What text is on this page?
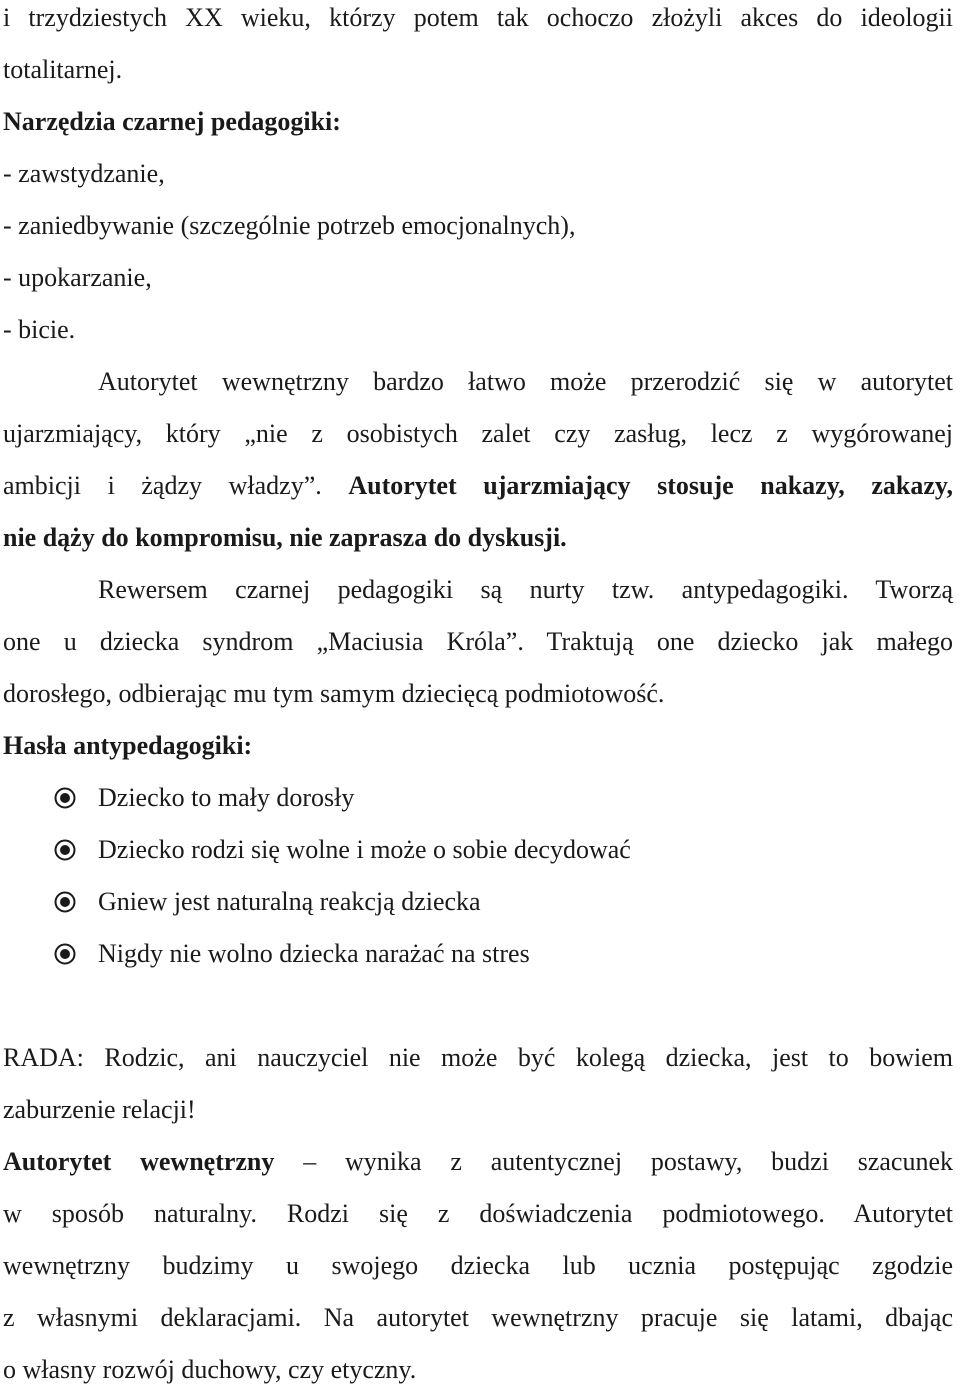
i trzydziestych XX wieku, którzy potem tak ochoczo złożyli akces do ideologii
totalitarnej.
Narzędzia czarnej pedagogiki:
- zawstydzanie,
- zaniedbywanie (szczególnie potrzeb emocjonalnych),
- upokarzanie,
- bicie.
Autorytet wewnętrzny bardzo łatwo może przerodzić się w autorytet
ujarzmiający, który „nie z osobistych zalet czy zasług, lecz z wygórowanej
ambicji i żądzy władzy”. Autorytet ujarzmiający stosuje nakazy, zakazy,
nie dąży do kompromisu, nie zaprasza do dyskusji.
Rewersem czarnej pedagogiki są nurty tzw. antypedagogiki. Tworzą
one u dziecka syndrom „Maciusia Króla”. Traktują one dziecko jak małego
dorosłego, odbierając mu tym samym dziecięcą podmiotowość.
Hasła antypedagogiki:
Dziecko to mały dorosły
Dziecko rodzi się wolne i może o sobie decydować
Gniew jest naturalną reakcją dziecka
Nigdy nie wolno dziecka narażać na stres
RADA: Rodzic, ani nauczyciel nie może być kolegą dziecka, jest to bowiem
zaburzenie relacji!
Autorytet wewnętrzny – wynika z autentycznej postawy, budzi szacunek
w sposób naturalny. Rodzi się z doświadczenia podmiotowego. Autorytet
wewnętrzny budzimy u swojego dziecka lub ucznia postępując zgodzie
z własnymi deklaracjami. Na autorytet wewnętrzny pracuje się latami, dbając
o własny rozwój duchowy, czy etyczny.
